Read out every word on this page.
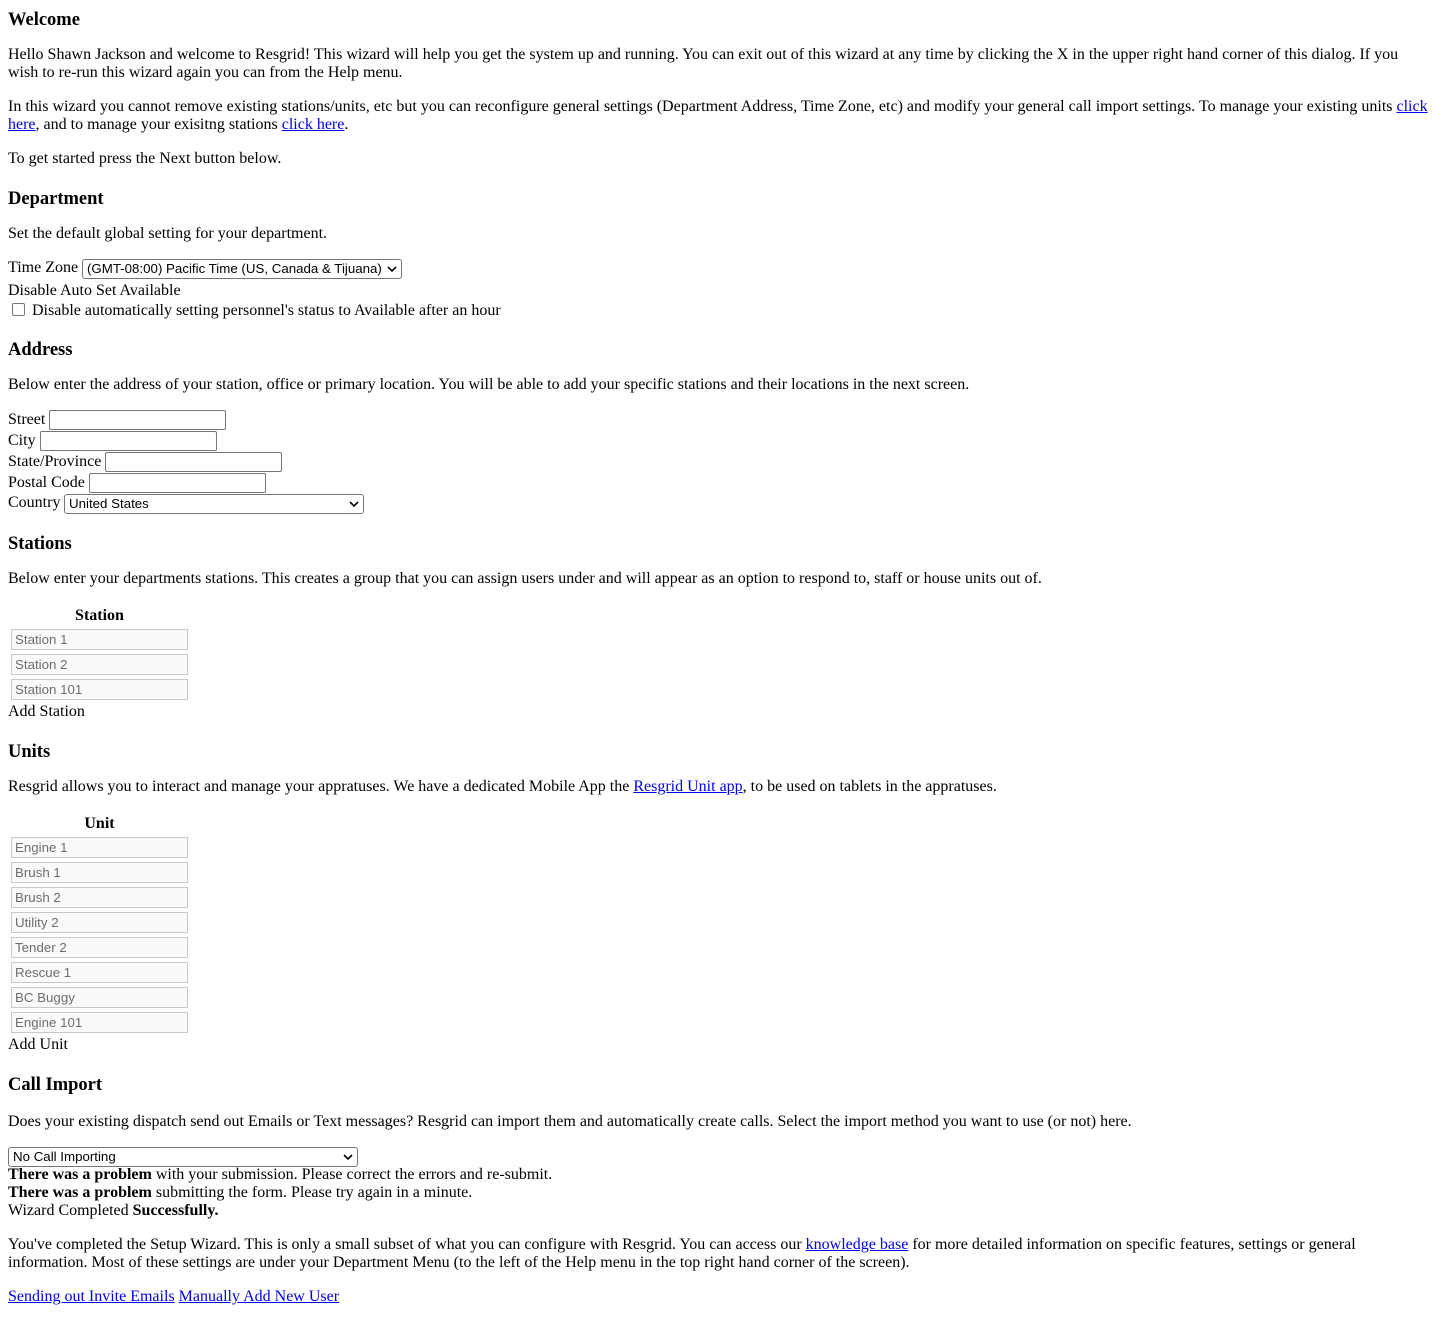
Welcome
Hello Shawn Jackson and welcome to Resgrid! This wizard will help you get the system up and running. You can exit out of this wizard at any time by clicking the X in the upper right hand corner of this dialog. If you wish to re-run this wizard again you can from the Help menu.
In this wizard you cannot remove existing stations/units, etc but you can reconfigure general settings (Department Address, Time Zone, etc) and modify your general call import settings. To manage your existing units click here, and to manage your exisitng stations click here.
To get started press the Next button below.
Department
Set the default global setting for your department.
Time Zone (GMT-08:00) Pacific Time (US, Canada & Tijuana)
Disable Auto Set Available
Disable automatically setting personnel's status to Available after an hour
Address
Below enter the address of your station, office or primary location. You will be able to add your specific stations and their locations in the next screen.
Street
City
State/Province
Postal Code
Country United States
Stations
Below enter your departments stations. This creates a group that you can assign users under and will appear as an option to respond to, staff or house units out of.
Station
Station 1
Station 2
Station 101
Add Station
Units
Resgrid allows you to interact and manage your appratuses. We have a dedicated Mobile App the Resgrid Unit app, to be used on tablets in the appratuses.
Unit
Engine 1
Brush 1
Brush 2
Utility 2
Tender 2
Rescue 1
BC Buggy
Engine 101
Add Unit
Call Import
Does your existing dispatch send out Emails or Text messages? Resgrid can import them and automatically create calls. Select the import method you want to use (or not) here.
No Call Importing
There was a problem with your submission. Please correct the errors and re-submit.
There was a problem submitting the form. Please try again in a minute.
Wizard Completed Successfully.
You've completed the Setup Wizard. This is only a small subset of what you can configure with Resgrid. You can access our knowledge base for more detailed information on specific features, settings or general information. Most of these settings are under your Department Menu (to the left of the Help menu in the top right hand corner of the screen).
Sending out Invite Emails Manually Add New User
